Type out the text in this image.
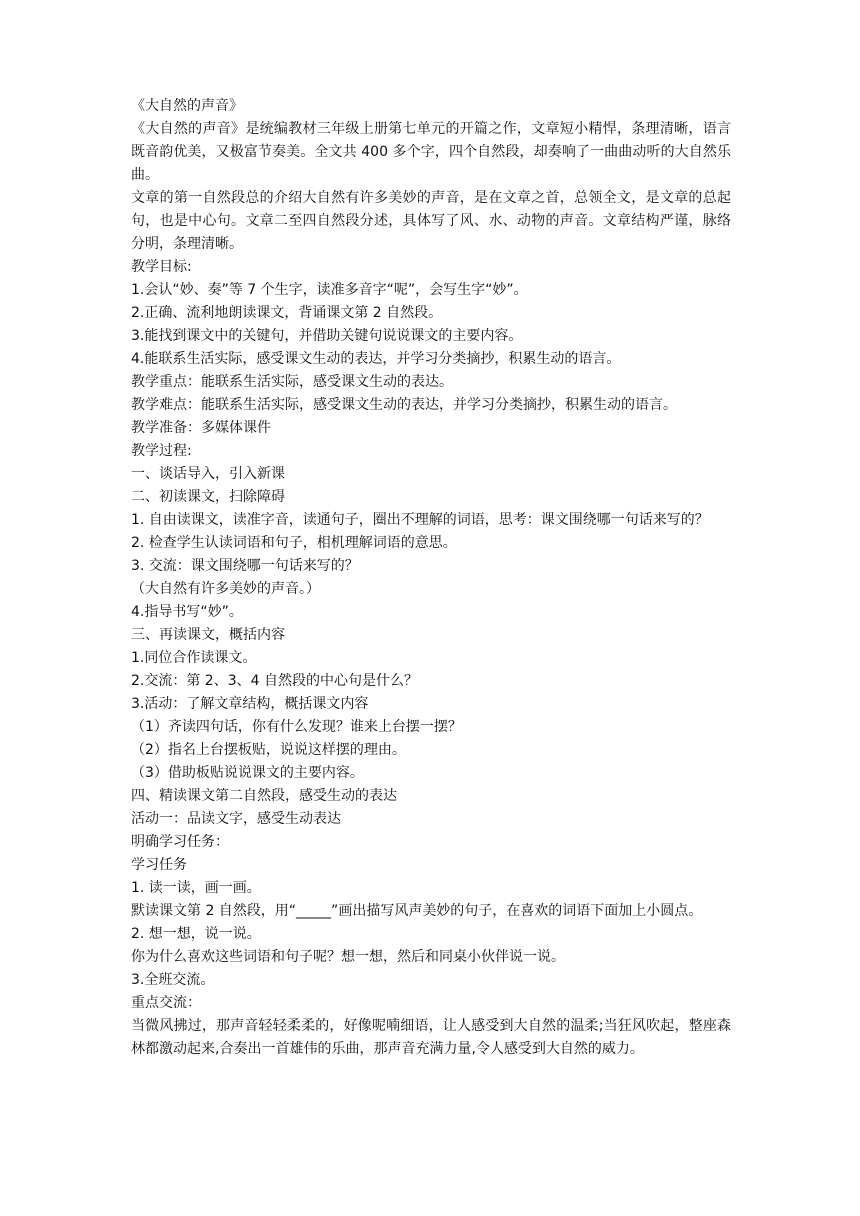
《大自然的声音》

《大自然的声音》是统编教材三年级上册第七单元的开篇之作，文章短小精悍，条理清晰，语言既音韵优美，又极富节奏美。全文共 400 多个字，四个自然段，却奏响了一曲曲动听的大自然乐曲。

文章的第一自然段总的介绍大自然有许多美妙的声音，是在文章之首，总领全文，是文章的总起句，也是中心句。文章二至四自然段分述，具体写了风、水、动物的声音。文章结构严谨，脉络分明，条理清晰。

教学目标:

1.会认“妙、奏”等 7 个生字，读准多音字“呢”，会写生字“妙”。

2.正确、流利地朗读课文，背诵课文第 2 自然段。

3.能找到课文中的关键句，并借助关键句说说课文的主要内容。

4.能联系生活实际，感受课文生动的表达，并学习分类摘抄，积累生动的语言。

教学重点：能联系生活实际，感受课文生动的表达。

教学难点：能联系生活实际，感受课文生动的表达，并学习分类摘抄，积累生动的语言。

教学准备：多媒体课件

教学过程:

一、谈话导入，引入新课

二、初读课文，扫除障碍

1. 自由读课文，读准字音，读通句子，圈出不理解的词语，思考：课文围绕哪一句话来写的？

2. 检查学生认读词语和句子，相机理解词语的意思。

3. 交流：课文围绕哪一句话来写的？

（大自然有许多美妙的声音。）

4.指导书写“妙”。

三、再读课文，概括内容

1.同位合作读课文。

2.交流：第 2、3、4 自然段的中心句是什么？

3.活动：了解文章结构，概括课文内容

（1）齐读四句话，你有什么发现？谁来上台摆一摆？

（2）指名上台摆板贴，说说这样摆的理由。

（3）借助板贴说说课文的主要内容。

四、精读课文第二自然段，感受生动的表达

活动一：品读文字，感受生动表达

明确学习任务：

学习任务

1. 读一读，画一画。

默读课文第 2 自然段，用“_____”画出描写风声美妙的句子，在喜欢的词语下面加上小圆点。

2. 想一想，说一说。

你为什么喜欢这些词语和句子呢？想一想，然后和同桌小伙伴说一说。

3.全班交流。

重点交流：

当微风拂过，那声音轻轻柔柔的，好像呢喃细语，让人感受到大自然的温柔;当狂风吹起，整座森林都激动起来,合奏出一首雄伟的乐曲，那声音充满力量,令人感受到大自然的威力。
